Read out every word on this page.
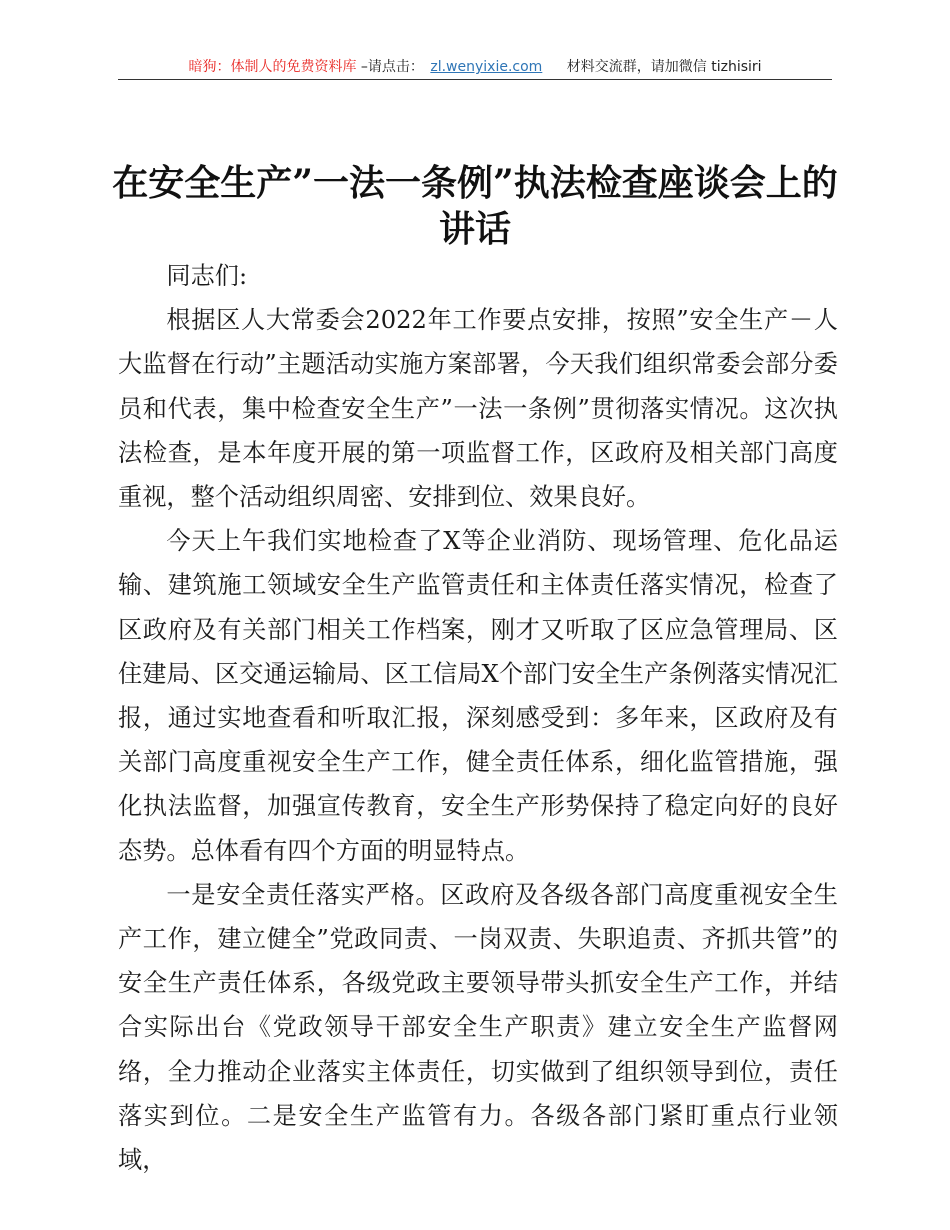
暗狗：体制人的免费资料库 –请点击： zl.wenyixie.com 材料交流群，请加微信 tizhisiri
在安全生产”一法一条例”执法检查座谈会上的讲话

同志们:

根据区人大常委会2022年工作要点安排，按照”安全生产－人大监督在行动”主题活动实施方案部署，今天我们组织常委会部分委员和代表，集中检查安全生产”一法一条例”贯彻落实情况。这次执法检查，是本年度开展的第一项监督工作，区政府及相关部门高度重视，整个活动组织周密、安排到位、效果良好。

今天上午我们实地检查了X等企业消防、现场管理、危化品运输、建筑施工领域安全生产监管责任和主体责任落实情况，检查了区政府及有关部门相关工作档案，刚才又听取了区应急管理局、区住建局、区交通运输局、区工信局X个部门安全生产条例落实情况汇报，通过实地查看和听取汇报，深刻感受到：多年来，区政府及有关部门高度重视安全生产工作，健全责任体系，细化监管措施，强化执法监督，加强宣传教育，安全生产形势保持了稳定向好的良好态势。总体看有四个方面的明显特点。

一是安全责任落实严格。区政府及各级各部门高度重视安全生产工作，建立健全”党政同责、一岗双责、失职追责、齐抓共管”的安全生产责任体系，各级党政主要领导带头抓安全生产工作，并结合实际出台《党政领导干部安全生产职责》建立安全生产监督网络，全力推动企业落实主体责任，切实做到了组织领导到位，责任落实到位。二是安全生产监管有力。各级各部门紧盯重点行业领域，
